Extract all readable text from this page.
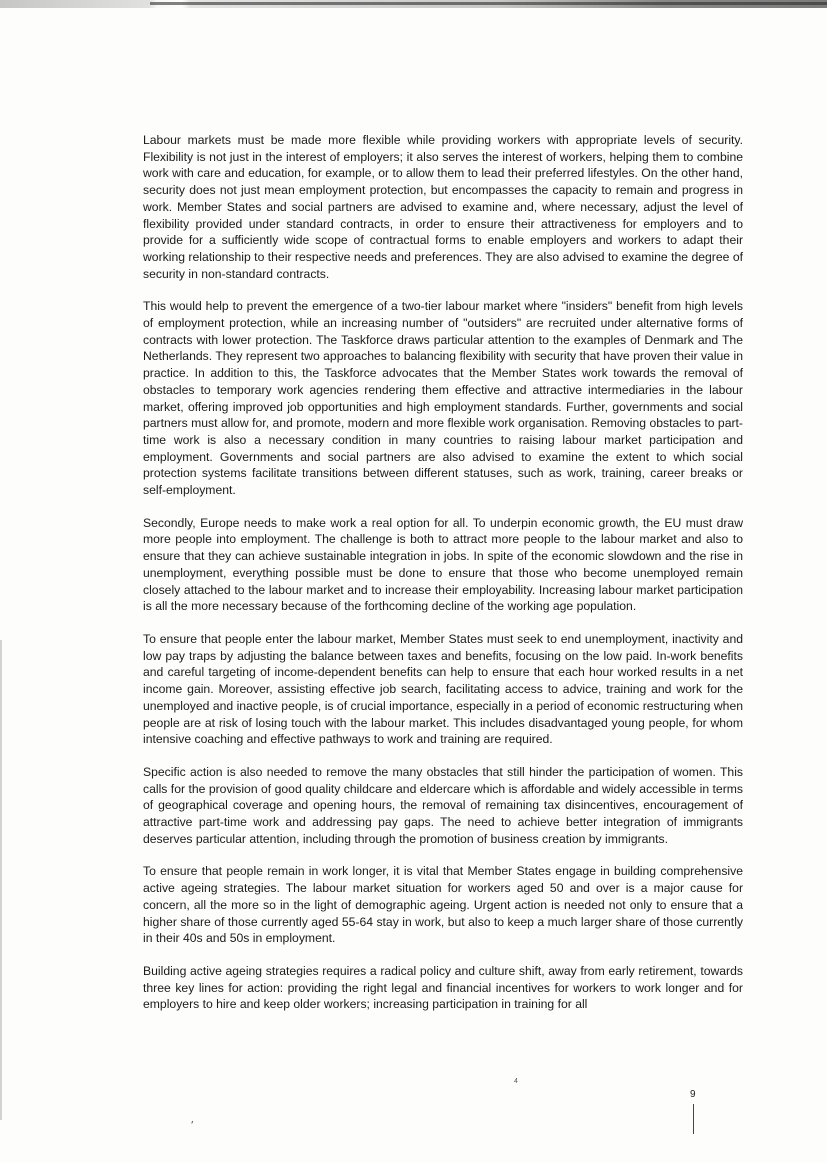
Labour markets must be made more flexible while providing workers with appropriate levels of security. Flexibility is not just in the interest of employers; it also serves the interest of workers, helping them to combine work with care and education, for example, or to allow them to lead their preferred lifestyles. On the other hand, security does not just mean employment protection, but encompasses the capacity to remain and progress in work. Member States and social partners are advised to examine and, where necessary, adjust the level of flexibility provided under standard contracts, in order to ensure their attractiveness for employers and to provide for a sufficiently wide scope of contractual forms to enable employers and workers to adapt their working relationship to their respective needs and preferences. They are also advised to examine the degree of security in non-standard contracts.

This would help to prevent the emergence of a two-tier labour market where "insiders" benefit from high levels of employment protection, while an increasing number of "outsiders" are recruited under alternative forms of contracts with lower protection. The Taskforce draws particular attention to the examples of Denmark and The Netherlands. They represent two approaches to balancing flexibility with security that have proven their value in practice. In addition to this, the Taskforce advocates that the Member States work towards the removal of obstacles to temporary work agencies rendering them effective and attractive intermediaries in the labour market, offering improved job opportunities and high employment standards. Further, governments and social partners must allow for, and promote, modern and more flexible work organisation. Removing obstacles to part-time work is also a necessary condition in many countries to raising labour market participation and employment. Governments and social partners are also advised to examine the extent to which social protection systems facilitate transitions between different statuses, such as work, training, career breaks or self-employment.

Secondly, Europe needs to make work a real option for all. To underpin economic growth, the EU must draw more people into employment. The challenge is both to attract more people to the labour market and also to ensure that they can achieve sustainable integration in jobs. In spite of the economic slowdown and the rise in unemployment, everything possible must be done to ensure that those who become unemployed remain closely attached to the labour market and to increase their employability. Increasing labour market participation is all the more necessary because of the forthcoming decline of the working age population.

To ensure that people enter the labour market, Member States must seek to end unemployment, inactivity and low pay traps by adjusting the balance between taxes and benefits, focusing on the low paid. In-work benefits and careful targeting of income-dependent benefits can help to ensure that each hour worked results in a net income gain. Moreover, assisting effective job search, facilitating access to advice, training and work for the unemployed and inactive people, is of crucial importance, especially in a period of economic restructuring when people are at risk of losing touch with the labour market. This includes disadvantaged young people, for whom intensive coaching and effective pathways to work and training are required.

Specific action is also needed to remove the many obstacles that still hinder the participation of women. This calls for the provision of good quality childcare and eldercare which is affordable and widely accessible in terms of geographical coverage and opening hours, the removal of remaining tax disincentives, encouragement of attractive part-time work and addressing pay gaps. The need to achieve better integration of immigrants deserves particular attention, including through the promotion of business creation by immigrants.

To ensure that people remain in work longer, it is vital that Member States engage in building comprehensive active ageing strategies. The labour market situation for workers aged 50 and over is a major cause for concern, all the more so in the light of demographic ageing. Urgent action is needed not only to ensure that a higher share of those currently aged 55-64 stay in work, but also to keep a much larger share of those currently in their 40s and 50s in employment.

Building active ageing strategies requires a radical policy and culture shift, away from early retirement, towards three key lines for action: providing the right legal and financial incentives for workers to work longer and for employers to hire and keep older workers; increasing participation in training for all

4
9
ʹ
